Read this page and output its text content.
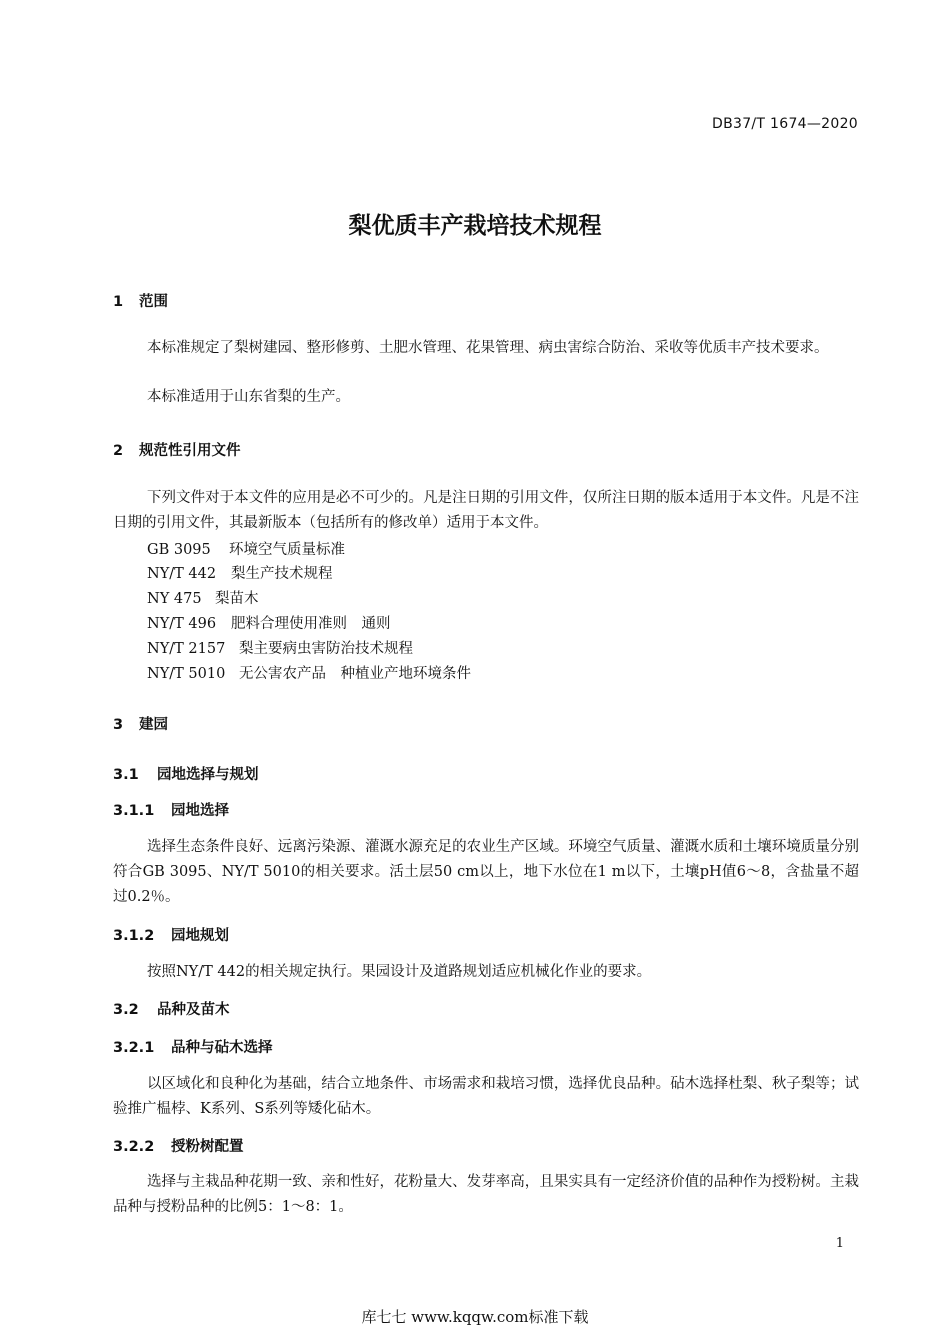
DB37/T 1674—2020
梨优质丰产栽培技术规程
1 范围
本标准规定了梨树建园、整形修剪、土肥水管理、花果管理、病虫害综合防治、采收等优质丰产技术要求。
本标准适用于山东省梨的生产。
2 规范性引用文件
下列文件对于本文件的应用是必不可少的。凡是注日期的引用文件，仅所注日期的版本适用于本文件。凡是不注日期的引用文件，其最新版本（包括所有的修改单）适用于本文件。
GB 3095 环境空气质量标准
NY/T 442 梨生产技术规程
NY 475 梨苗木
NY/T 496 肥料合理使用准则　通则
NY/T 2157 梨主要病虫害防治技术规程
NY/T 5010 无公害农产品　种植业产地环境条件
3 建园
3.1 园地选择与规划
3.1.1 园地选择
选择生态条件良好、远离污染源、灌溉水源充足的农业生产区域。环境空气质量、灌溉水质和土壤环境质量分别符合GB 3095、NY/T 5010的相关要求。活土层50 cm以上，地下水位在1 m以下，土壤pH值6～8，含盐量不超过0.2％。
3.1.2 园地规划
按照NY/T 442的相关规定执行。果园设计及道路规划适应机械化作业的要求。
3.2 品种及苗木
3.2.1 品种与砧木选择
以区域化和良种化为基础，结合立地条件、市场需求和栽培习惯，选择优良品种。砧木选择杜梨、秋子梨等；试验推广榅桲、K系列、S系列等矮化砧木。
3.2.2 授粉树配置
选择与主栽品种花期一致、亲和性好，花粉量大、发芽率高，且果实具有一定经济价值的品种作为授粉树。主栽品种与授粉品种的比例5：1～8：1。
1
库七七 www.kqqw.com标准下载
